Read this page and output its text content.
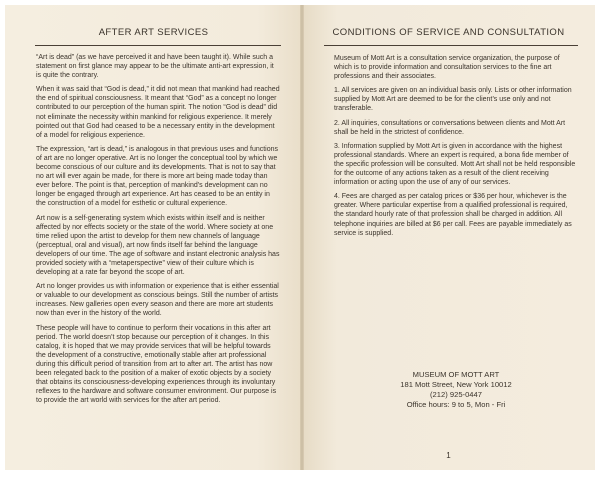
AFTER ART SERVICES

“Art is dead” (as we have perceived it and have been taught it). While such a statement on first glance may appear to be the ultimate anti-art expression, it is quite the contrary.

When it was said that “God is dead,” it did not mean that mankind had reached the end of spiritual consciousness. It meant that “God” as a concept no longer contributed to our perception of the human spirit. The notion “God is dead” did not eliminate the necessity within mankind for religious experience. It merely pointed out that God had ceased to be a necessary entity in the development of a model for religious experience.

The expression, “art is dead,” is analogous in that previous uses and functions of art are no longer operative. Art is no longer the conceptual tool by which we become conscious of our culture and its developments. That is not to say that no art will ever again be made, for there is more art being made today than ever before. The point is that, perception of mankind’s development can no longer be engaged through art experience. Art has ceased to be an entity in the construction of a model for esthetic or cultural experience.

Art now is a self-generating system which exists within itself and is neither affected by nor effects society or the state of the world. Where society at one time relied upon the artist to develop for them new channels of language (perceptual, oral and visual), art now finds itself far behind the language developers of our time. The age of software and instant electronic analysis has provided society with a “metaperspective” view of their culture which is developing at a rate far beyond the scope of art.

Art no longer provides us with information or experience that is either essential or valuable to our development as conscious beings. Still the number of artists increases. New galleries open every season and there are more art students now than ever in the history of the world.

These people will have to continue to perform their vocations in this after art period. The world doesn’t stop because our perception of it changes. In this catalog, it is hoped that we may provide services that will be helpful towards the development of a constructive, emotionally stable after art professional during this difficult period of transition from art to after art. The artist has now been relegated back to the position of a maker of exotic objects by a society that obtains its consciousness-developing experiences through its involuntary reflexes to the hardware and software consumer environment. Our purpose is to provide the art world with services for the after art period.

CONDITIONS OF SERVICE AND CONSULTATION

Museum of Mott Art is a consultation service organization, the purpose of which is to provide information and consultation services to the fine art professions and their associates.

1. All services are given on an individual basis only. Lists or other information supplied by Mott Art are deemed to be for the client’s use only and not transferable.

2. All inquiries, consultations or conversations between clients and Mott Art shall be held in the strictest of confidence.

3. Information supplied by Mott Art is given in accordance with the highest professional standards. Where an expert is required, a bona fide member of the specific profession will be consulted. Mott Art shall not be held responsible for the outcome of any actions taken as a result of the client receiving information or acting upon the use of any of our services.

4. Fees are charged as per catalog prices or $36 per hour, whichever is the greater. Where particular expertise from a qualified professional is required, the standard hourly rate of that profession shall be charged in addition. All telephone inquiries are billed at $6 per call. Fees are payable immediately as service is supplied.

MUSEUM OF MOTT ART
181 Mott Street, New York 10012
(212) 925-0447
Office hours: 9 to 5, Mon - Fri
1
